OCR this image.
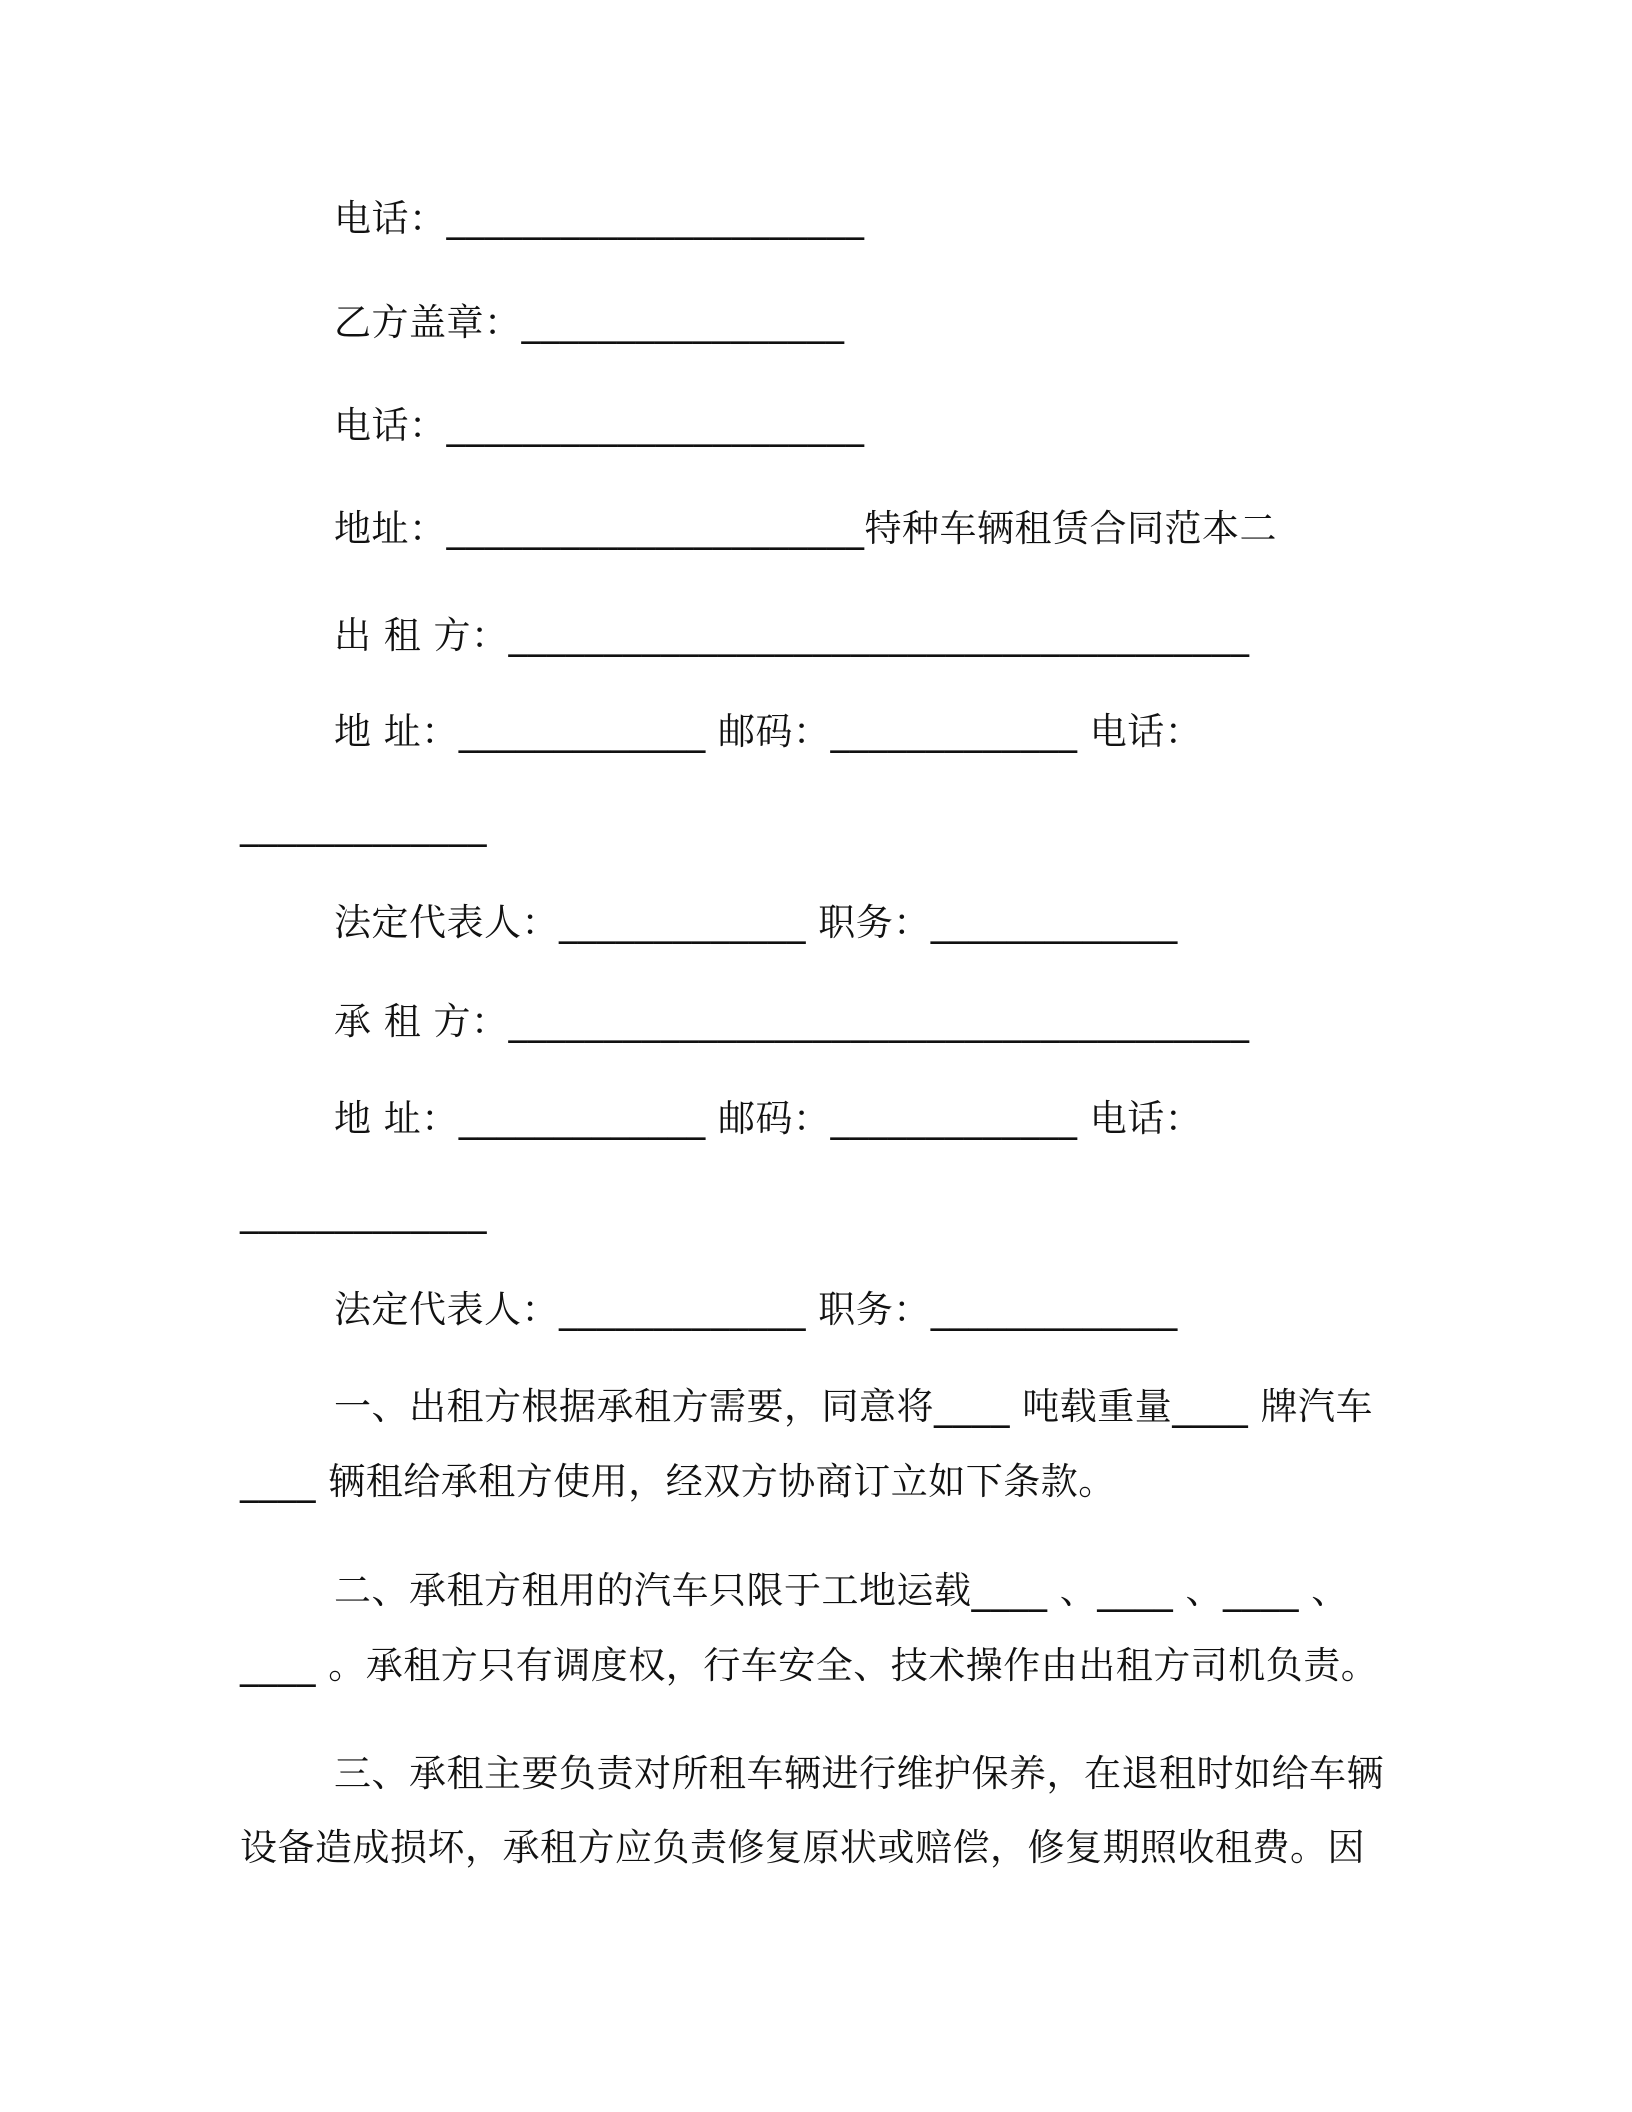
电话：______________________
乙方盖章：_________________
电话：______________________
地址：______________________特种车辆租赁合同范本二
出 租 方：_______________________________________
地 址：_____________ 邮码：_____________ 电话：
_____________
法定代表人：_____________ 职务：_____________
承 租 方：_______________________________________
地 址：_____________ 邮码：_____________ 电话：
_____________
法定代表人：_____________ 职务：_____________
一、出租方根据承租方需要，同意将____ 吨载重量____ 牌汽车
____ 辆租给承租方使用，经双方协商订立如下条款。
二、承租方租用的汽车只限于工地运载____ 、____ 、____ 、
____ 。承租方只有调度权，行车安全、技术操作由出租方司机负责。
三、承租主要负责对所租车辆进行维护保养，在退租时如给车辆
设备造成损坏，承租方应负责修复原状或赔偿，修复期照收租费。因
